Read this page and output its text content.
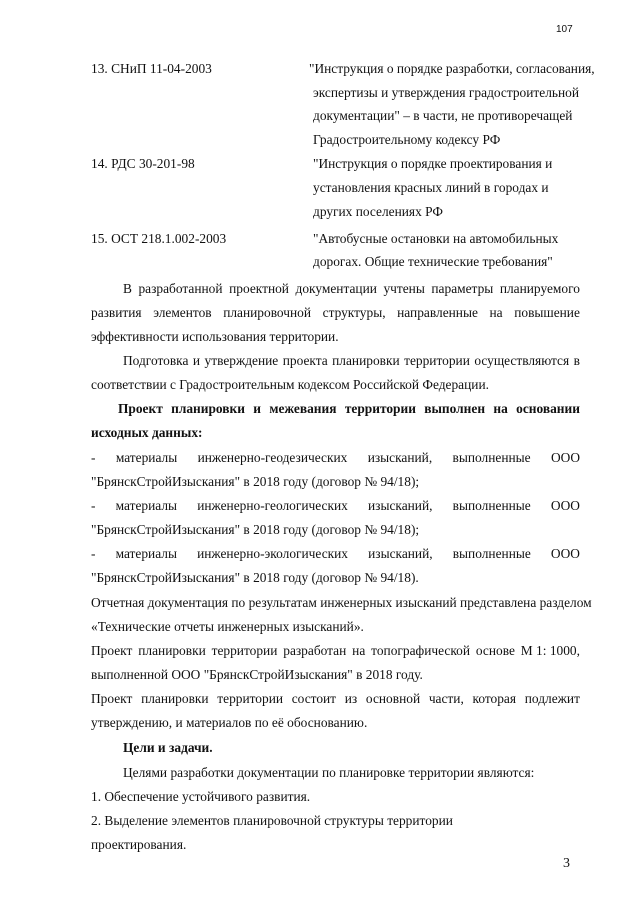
107
13. СНиП 11-04-2003	"Инструкция о порядке разработки, согласования,
экспертизы и утверждения градостроительной
документации" – в части, не противоречащей
Градостроительному кодексу РФ
14. РДС 30-201-98	"Инструкция о порядке проектирования и
установления красных линий в городах и
других поселениях РФ
15. ОСТ 218.1.002-2003	"Автобусные остановки на автомобильных
дорогах. Общие технические требования"
В разработанной проектной документации учтены параметры планируемого
развития элементов планировочной структуры, направленные на повышение
эффективности использования территории.
Подготовка и утверждение проекта планировки территории осуществляются в
соответствии с Градостроительным кодексом Российской Федерации.
Проект планировки и межевания территории выполнен на основании
исходных данных:
- материалы инженерно-геодезических изысканий, выполненные ООО
"БрянскСтройИзыскания" в 2018 году (договор № 94/18);
- материалы инженерно-геологических изысканий, выполненные ООО
"БрянскСтройИзыскания" в 2018 году (договор № 94/18);
- материалы инженерно-экологических изысканий, выполненные ООО
"БрянскСтройИзыскания" в 2018 году (договор № 94/18).
Отчетная документация по результатам инженерных изысканий представлена разделом
«Технические отчеты инженерных изысканий».
Проект планировки территории разработан на топографической основе М 1: 1000,
выполненной ООО "БрянскСтройИзыскания" в 2018 году.
Проект планировки территории состоит из основной части, которая подлежит
утверждению, и материалов по её обоснованию.
Цели и задачи.
Целями разработки документации по планировке территории являются:
1. Обеспечение устойчивого развития.
2. Выделение элементов планировочной структуры территории
проектирования.
3
